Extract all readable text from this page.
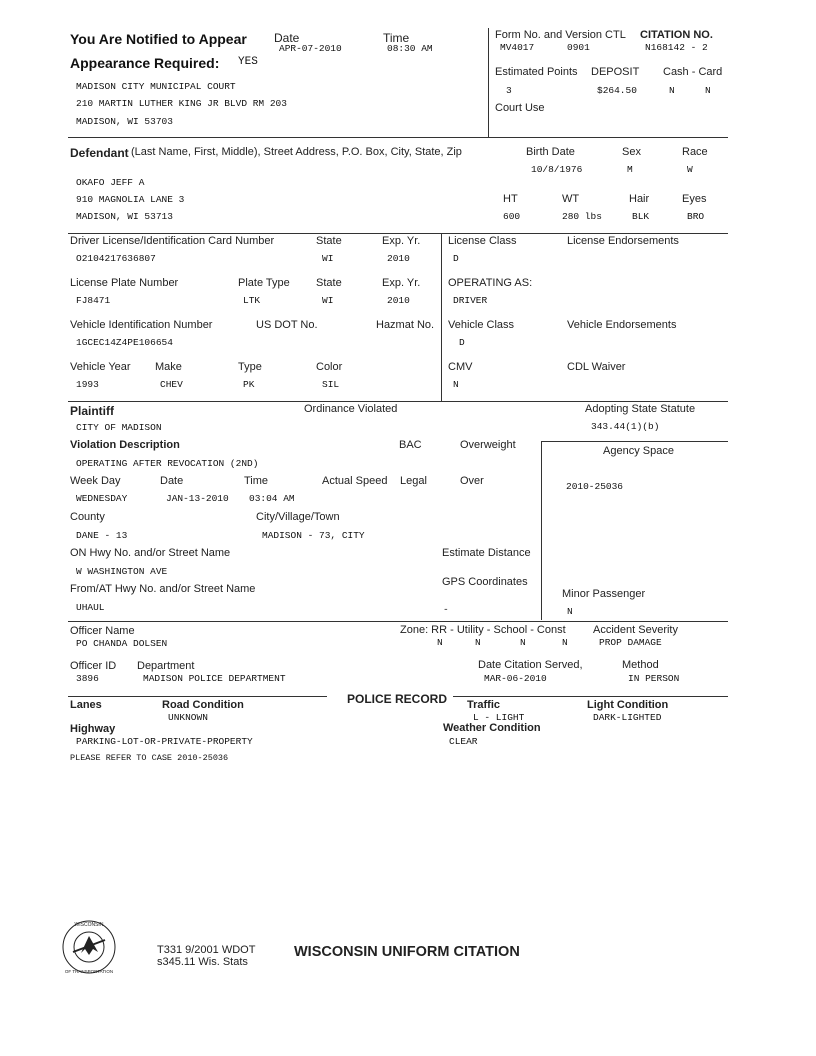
You Are Notified to Appear
Appearance Required: YES
Date
APR-07-2010
Time
08:30 AM
MADISON CITY MUNICIPAL COURT
210 MARTIN LUTHER KING JR BLVD RM 203
MADISON, WI 53703
Form No. and Version CTL CITATION NO.
MV4017	0901	N168142 - 2
Estimated Points DEPOSIT Cash - Card
3	$264.50	N	N
Court Use
Defendant (Last Name, First, Middle), Street Address, P.O. Box, City, State, Zip
OKAFO JEFF A
910 MAGNOLIA LANE 3
MADISON, WI 53713
Birth Date
10/8/1976
Sex
M
Race
W
HT
600
WT
280 lbs
Hair
BLK
Eyes
BRO
Driver License/Identification Card Number
O2104217636807
State
WI
Exp. Yr.
2010
License Class
D
License Endorsements
License Plate Number
FJ8471
Plate Type
LTK
State
WI
Exp. Yr.
2010
OPERATING AS:
DRIVER
Vehicle Identification Number
1GCEC14Z4PE106654
US DOT No.	Hazmat No. Vehicle Class
D
Vehicle Endorsements
Vehicle Year
1993
Make
CHEV
Type
PK
Color
SIL
CMV
N
CDL Waiver
Plaintiff
CITY OF MADISON
Ordinance Violated	Adopting State Statute
343.44(1)(b)
Violation Description
OPERATING AFTER REVOCATION (2ND)
BAC	Overweight	Agency Space
2010-25036
Week Day
WEDNESDAY
Date
JAN-13-2010
Time
03:04 AM
Actual Speed Legal	Over
County
DANE - 13
City/Village/Town
MADISON - 73, CITY
ON Hwy No. and/or Street Name
W WASHINGTON AVE
Estimate Distance
From/AT Hwy No. and/or Street Name
UHAUL
GPS Coordinates
-
Minor Passenger
N
Officer Name
PO CHANDA DOLSEN
Zone: RR - Utility - School - Const
N	N	N	N
Accident Severity
PROP DAMAGE
Officer ID
3896
Department
MADISON POLICE DEPARTMENT
Date Citation Served,
MAR-06-2010
Method
IN PERSON
POLICE RECORD
Lanes	Road Condition
UNKNOWN
Traffic
L - LIGHT
Light Condition
DARK-LIGHTED
Highway
PARKING-LOT-OR-PRIVATE-PROPERTY
Weather Condition
CLEAR
PLEASE REFER TO CASE 2010-25036
WISCONSIN
OF TRANSPORTATION
T331 9/2001 WDOT
s345.11 Wis. Stats
WISCONSIN UNIFORM CITATION
